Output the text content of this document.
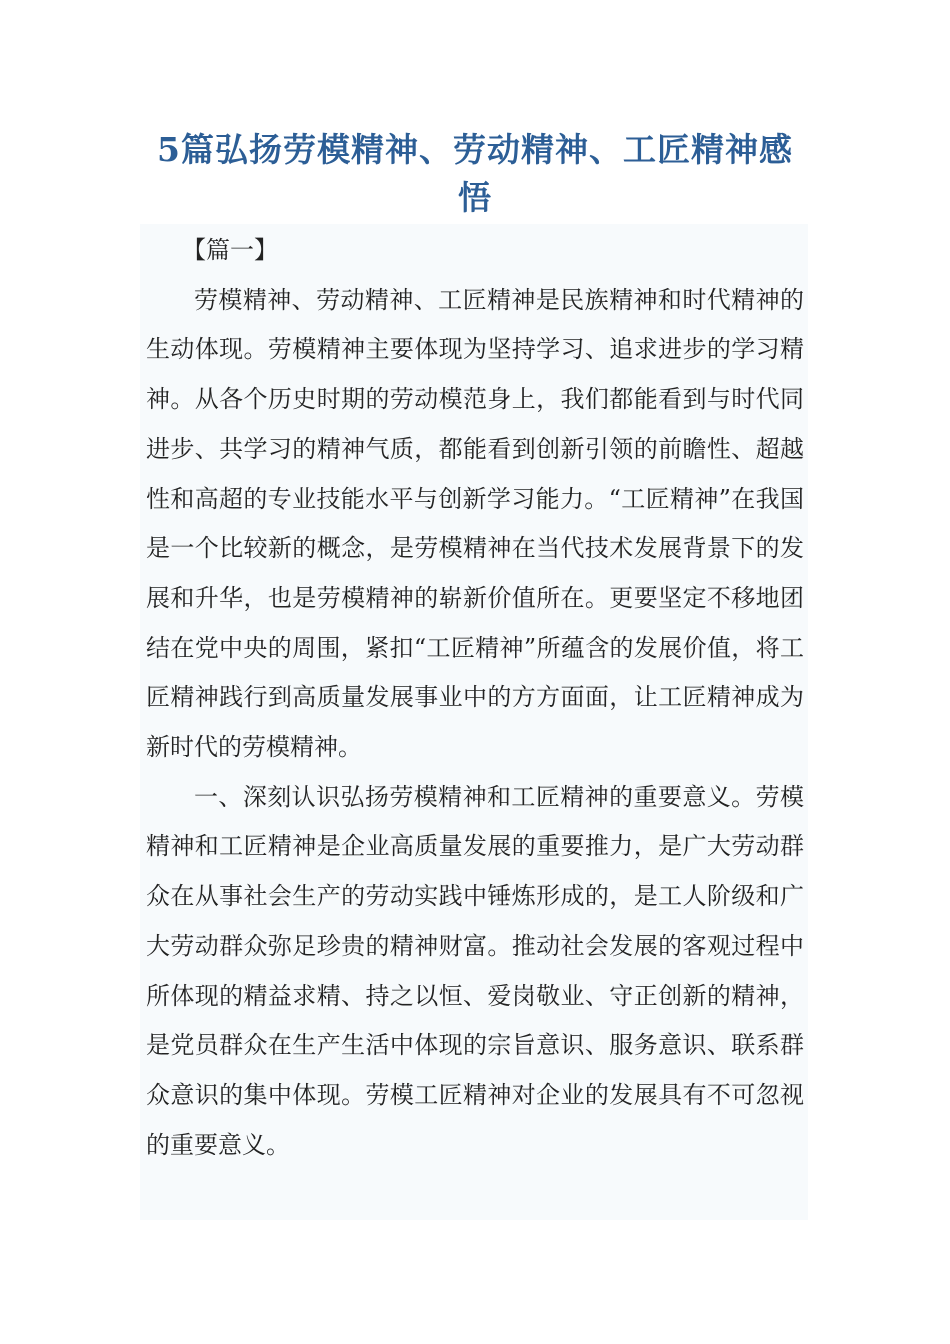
5篇弘扬劳模精神、劳动精神、工匠精神感
悟

【篇一】

劳模精神、劳动精神、工匠精神是民族精神和时代精神的生动体现。劳模精神主要体现为坚持学习、追求进步的学习精神。从各个历史时期的劳动模范身上，我们都能看到与时代同进步、共学习的精神气质，都能看到创新引领的前瞻性、超越性和高超的专业技能水平与创新学习能力。“工匠精神”在我国是一个比较新的概念，是劳模精神在当代技术发展背景下的发展和升华，也是劳模精神的崭新价值所在。更要坚定不移地团结在党中央的周围，紧扣“工匠精神”所蕴含的发展价值，将工匠精神践行到高质量发展事业中的方方面面，让工匠精神成为新时代的劳模精神。

一、深刻认识弘扬劳模精神和工匠精神的重要意义。劳模精神和工匠精神是企业高质量发展的重要推力，是广大劳动群众在从事社会生产的劳动实践中锤炼形成的，是工人阶级和广大劳动群众弥足珍贵的精神财富。推动社会发展的客观过程中所体现的精益求精、持之以恒、爱岗敬业、守正创新的精神，是党员群众在生产生活中体现的宗旨意识、服务意识、联系群众意识的集中体现。劳模工匠精神对企业的发展具有不可忽视的重要意义。
